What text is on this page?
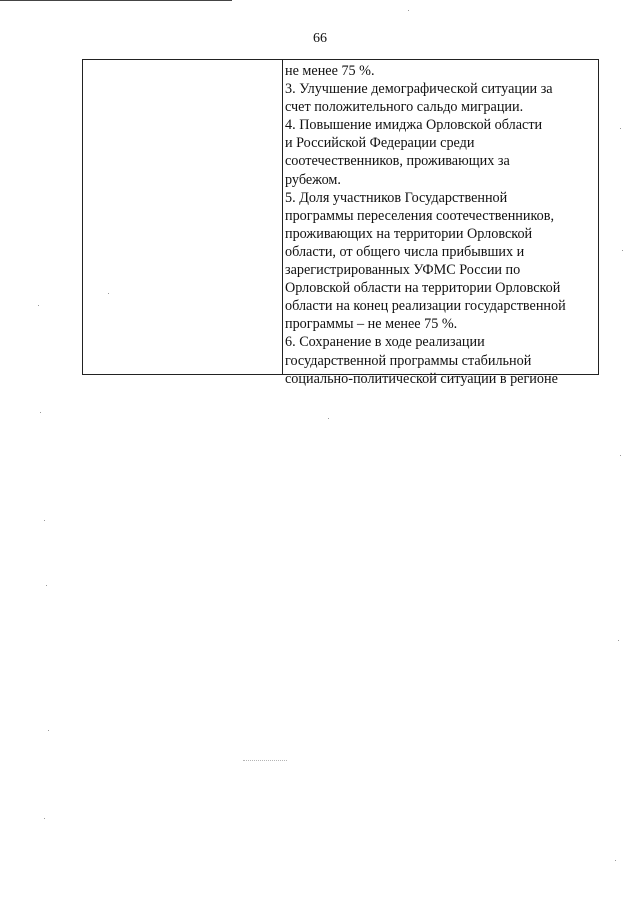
66
не менее 75 %.
3. Улучшение демографической ситуации за
счет положительного сальдо миграции.
4. Повышение имиджа Орловской области
и Российской Федерации среди
соотечественников, проживающих за
рубежом.
5. Доля участников Государственной
программы переселения соотечественников,
проживающих на территории Орловской
области, от общего числа прибывших и
зарегистрированных УФМС России по
Орловской области на территории Орловской
области на конец реализации государственной
программы – не менее 75 %.
6. Сохранение в ходе реализации
государственной программы стабильной
социально-политической ситуации в регионе
